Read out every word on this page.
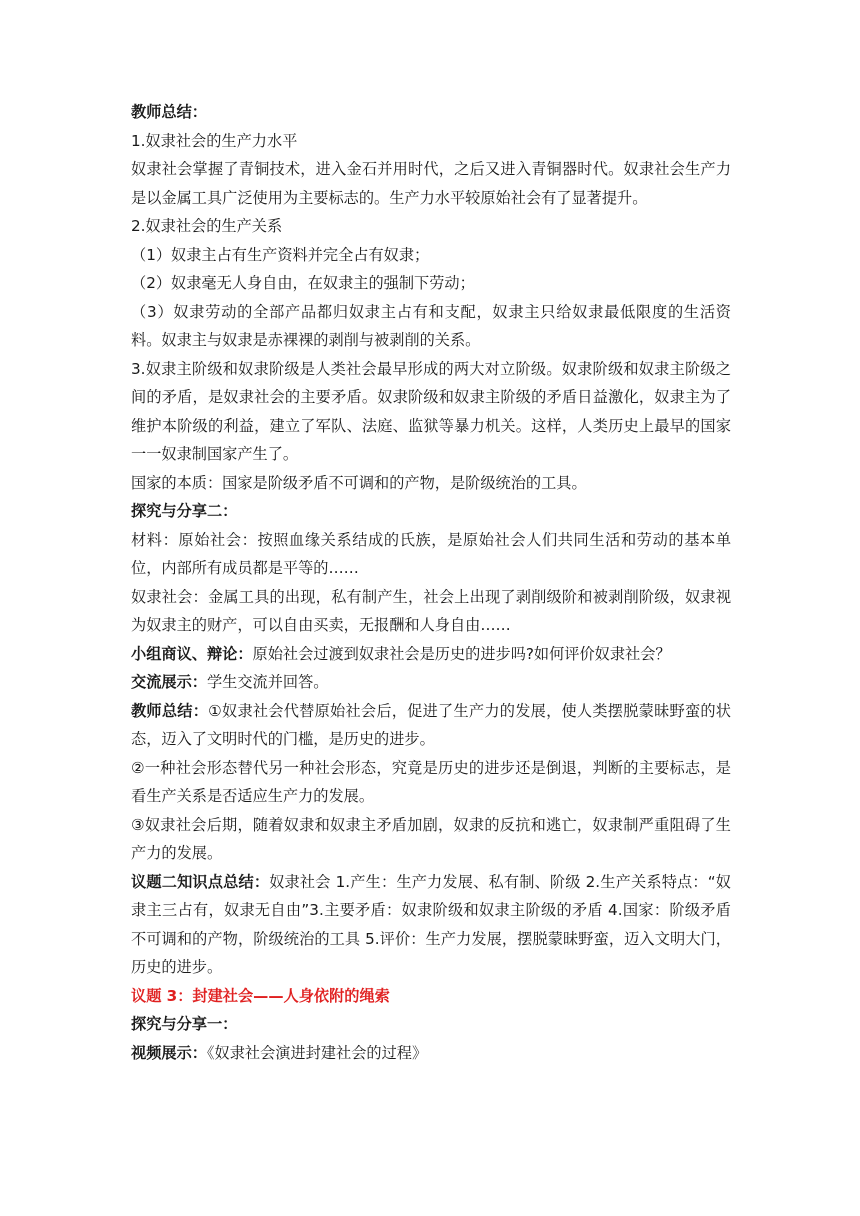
教师总结：

1.奴隶社会的生产力水平

奴隶社会掌握了青铜技术，进入金石并用时代，之后又进入青铜器时代。奴隶社会生产力是以金属工具广泛使用为主要标志的。生产力水平较原始社会有了显著提升。

2.奴隶社会的生产关系

（1）奴隶主占有生产资料并完全占有奴隶；

（2）奴隶毫无人身自由，在奴隶主的强制下劳动；

（3）奴隶劳动的全部产品都归奴隶主占有和支配，奴隶主只给奴隶最低限度的生活资料。奴隶主与奴隶是赤裸裸的剥削与被剥削的关系。

3.奴隶主阶级和奴隶阶级是人类社会最早形成的两大对立阶级。奴隶阶级和奴隶主阶级之间的矛盾，是奴隶社会的主要矛盾。奴隶阶级和奴隶主阶级的矛盾日益激化，奴隶主为了维护本阶级的利益，建立了军队、法庭、监狱等暴力机关。这样，人类历史上最早的国家一一奴隶制国家产生了。

国家的本质：国家是阶级矛盾不可调和的产物，是阶级统治的工具。

探究与分享二：

材料：原始社会：按照血缘关系结成的氏族，是原始社会人们共同生活和劳动的基本单位，内部所有成员都是平等的……

奴隶社会：金属工具的出现，私有制产生，社会上出现了剥削级阶和被剥削阶级，奴隶视为奴隶主的财产，可以自由买卖，无报酬和人身自由……

小组商议、辩论：原始社会过渡到奴隶社会是历史的进步吗?如何评价奴隶社会？

交流展示：学生交流并回答。

教师总结：①奴隶社会代替原始社会后，促进了生产力的发展，使人类摆脱蒙昧野蛮的状态，迈入了文明时代的门槛，是历史的进步。

②一种社会形态替代另一种社会形态，究竟是历史的进步还是倒退，判断的主要标志，是看生产关系是否适应生产力的发展。

③奴隶社会后期，随着奴隶和奴隶主矛盾加剧，奴隶的反抗和逃亡，奴隶制严重阻碍了生产力的发展。

议题二知识点总结：奴隶社会 1.产生：生产力发展、私有制、阶级 2.生产关系特点：“奴隶主三占有，奴隶无自由”3.主要矛盾：奴隶阶级和奴隶主阶级的矛盾 4.国家：阶级矛盾不可调和的产物，阶级统治的工具 5.评价：生产力发展，摆脱蒙昧野蛮，迈入文明大门，历史的进步。

议题 3：封建社会——人身依附的绳索

探究与分享一：

视频展示：《奴隶社会演进封建社会的过程》
